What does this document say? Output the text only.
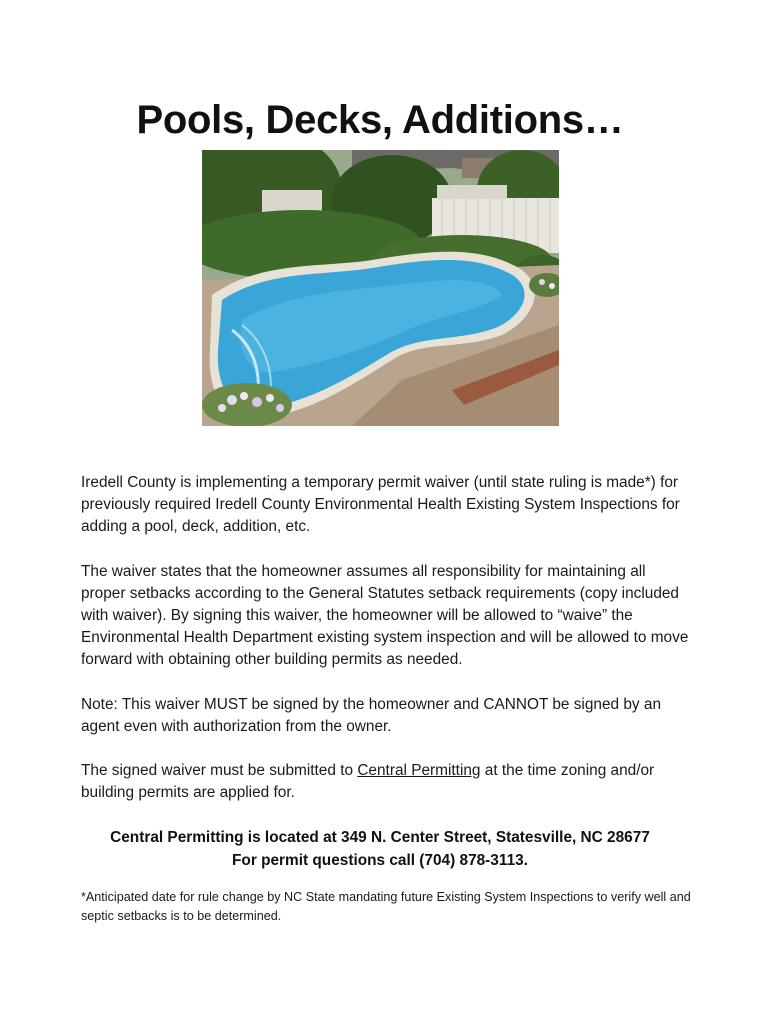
Pools, Decks, Additions…

Iredell County is implementing a temporary permit waiver (until state ruling is made*) for previously required Iredell County Environmental Health Existing System Inspections for adding a pool, deck, addition, etc.

The waiver states that the homeowner assumes all responsibility for maintaining all proper setbacks according to the General Statutes setback requirements (copy included with waiver). By signing this waiver, the homeowner will be allowed to “waive” the Environmental Health Department existing system inspection and will be allowed to move forward with obtaining other building permits as needed.

Note: This waiver MUST be signed by the homeowner and CANNOT be signed by an agent even with authorization from the owner.

The signed waiver must be submitted to Central Permitting at the time zoning and/or building permits are applied for.

Central Permitting is located at 349 N. Center Street, Statesville, NC 28677
For permit questions call (704) 878-3113.

*Anticipated date for rule change by NC State mandating future Existing System Inspections to verify well and septic setbacks is to be determined.
